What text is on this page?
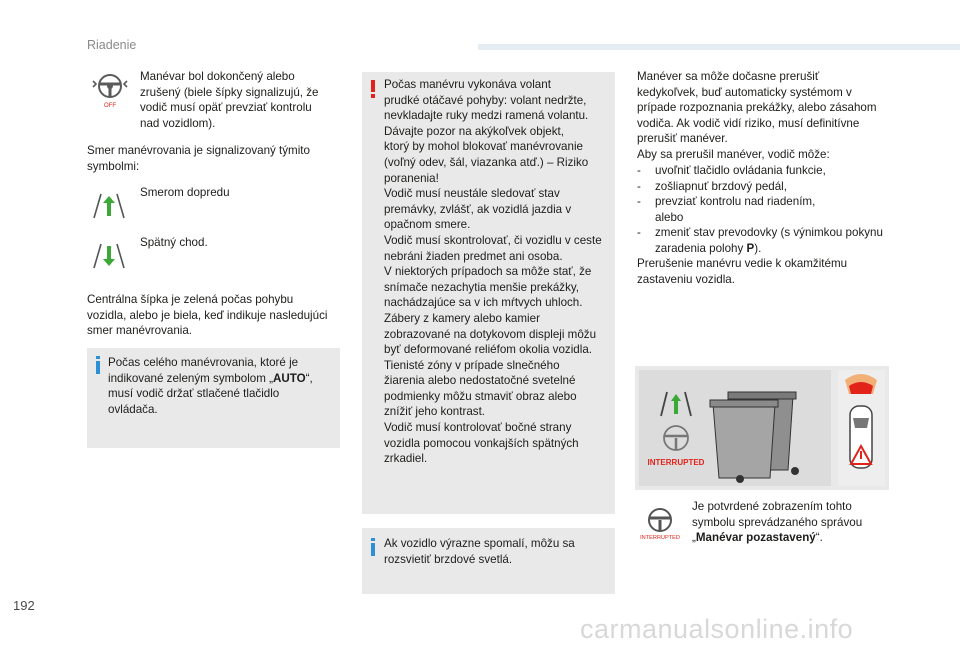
Riadenie
OFF
Manévar bol dokončený alebo
zrušený (biele šípky signalizujú, že
vodič musí opäť prevziať kontrolu
nad vozidlom).
Smer manévrovania je signalizovaný týmito
symbolmi:
Smerom dopredu
Spätný chod.
Centrálna šípka je zelená počas pohybu
vozidla, alebo je biela, keď indikuje nasledujúci
smer manévrovania.
Počas celého manévrovania, ktoré je
indikované zeleným symbolom „AUTO“,
musí vodič držať stlačené tlačidlo
ovládača.
Počas manévru vykonáva volant
prudké otáčavé pohyby: volant nedržte,
nevkladajte ruky medzi ramená volantu.
Dávajte pozor na akýkoľvek objekt,
ktorý by mohol blokovať manévrovanie
(voľný odev, šál, viazanka atď.) – Riziko
poranenia!
Vodič musí neustále sledovať stav
premávky, zvlášť, ak vozidlá jazdia v
opačnom smere.
Vodič musí skontrolovať, či vozidlu v ceste
nebráni žiaden predmet ani osoba.
V niektorých prípadoch sa môže stať, že
snímače nezachytia menšie prekážky,
nachádzajúce sa v ich mŕtvych uhloch.
Zábery z kamery alebo kamier
zobrazované na dotykovom displeji môžu
byť deformované reliéfom okolia vozidla.
Tienisté zóny v prípade slnečného
žiarenia alebo nedostatočné svetelné
podmienky môžu stmaviť obraz alebo
znížiť jeho kontrast.
Vodič musí kontrolovať bočné strany
vozidla pomocou vonkajších spätných
zrkadiel.
Ak vozidlo výrazne spomalí, môžu sa
rozsvietiť brzdové svetlá.
Manéver sa môže dočasne prerušiť
kedykoľvek, buď automaticky systémom v
prípade rozpoznania prekážky, alebo zásahom
vodiča. Ak vodič vidí riziko, musí definitívne
prerušiť manéver.
Aby sa prerušil manéver, vodič môže:
-	uvoľniť tlačidlo ovládania funkcie,
-	zošliapnuť brzdový pedál,
-	prevziať kontrolu nad riadením,
alebo
-	zmeniť stav prevodovky (s výnimkou pokynu
zaradenia polohy P).
Prerušenie manévru vedie k okamžitému
zastaveniu vozidla.
INTERRUPTED
INTERRUPTED
Je potvrdené zobrazením tohto
symbolu sprevádzaného správou
„Manévar pozastavený“.
192
carmanualsonline.info
